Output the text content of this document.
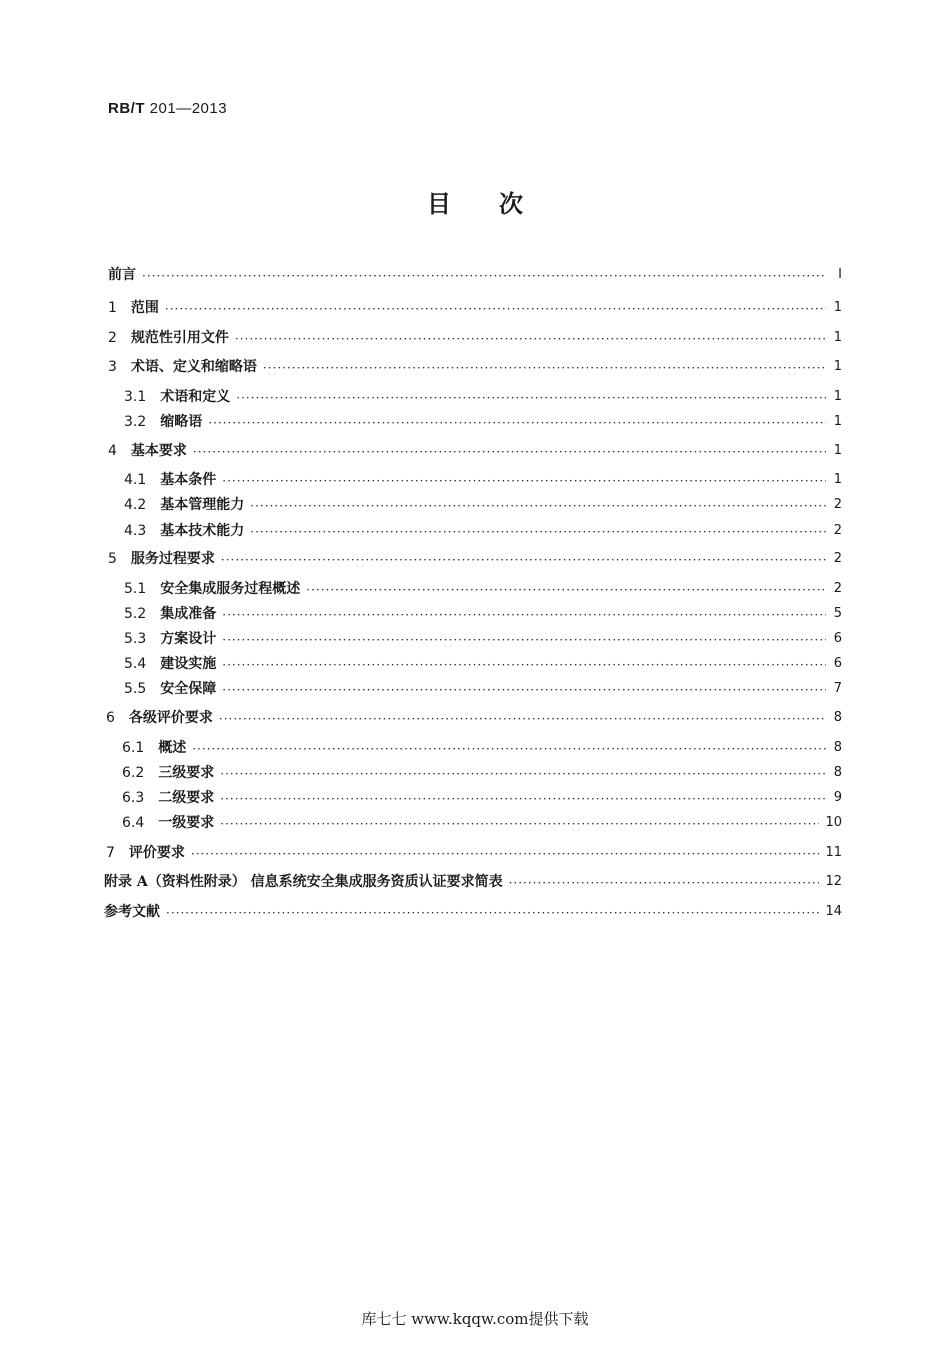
RB/T 201—2013
目次
前言 ·····	I
1 范围 ·····	1
2 规范性引用文件 ·····	1
3 术语、定义和缩略语 ·····	1
3.1 术语和定义 ·····	1
3.2 缩略语 ·····	1
4 基本要求 ·····	1
4.1 基本条件 ·····	1
4.2 基本管理能力 ·····	2
4.3 基本技术能力 ·····	2
5 服务过程要求 ·····	2
5.1 安全集成服务过程概述 ·····	2
5.2 集成准备 ·····	5
5.3 方案设计 ·····	6
5.4 建设实施 ·····	6
5.5 安全保障 ·····	7
6 各级评价要求 ·····	8
6.1 概述 ·····	8
6.2 三级要求 ·····	8
6.3 二级要求 ·····	9
6.4 一级要求 ·····	10
7 评价要求 ·····	11
附录 A（资料性附录） 信息系统安全集成服务资质认证要求简表 ·····	12
参考文献 ·····	14
库七七 www.kqqw.com提供下载
